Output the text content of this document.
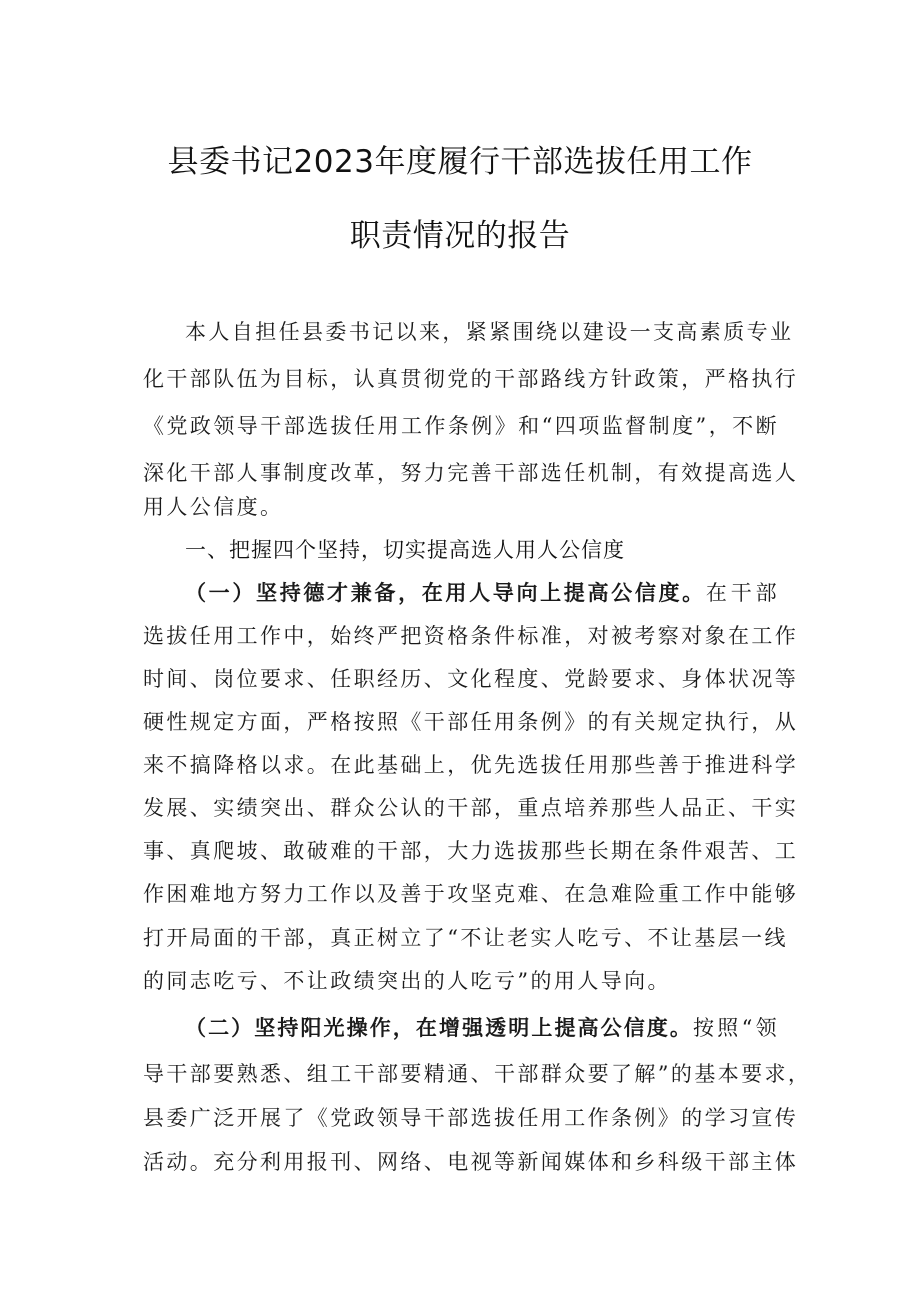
县委书记2023年度履行干部选拔任用工作
职责情况的报告
本人自担任县委书记以来，紧紧围绕以建设一支高素质专业
化干部队伍为目标，认真贯彻党的干部路线方针政策，严格执行
《党政领导干部选拔任用工作条例》和“四项监督制度”，不断
深化干部人事制度改革，努力完善干部选任机制，有效提高选人
用人公信度。
一、把握四个坚持，切实提高选人用人公信度
（一）坚持德才兼备，在用人导向上提高公信度。在干部
选拔任用工作中，始终严把资格条件标准，对被考察对象在工作
时间、岗位要求、任职经历、文化程度、党龄要求、身体状况等
硬性规定方面，严格按照《干部任用条例》的有关规定执行，从
来不搞降格以求。在此基础上，优先选拔任用那些善于推进科学
发展、实绩突出、群众公认的干部，重点培养那些人品正、干实
事、真爬坡、敢破难的干部，大力选拔那些长期在条件艰苦、工
作困难地方努力工作以及善于攻坚克难、在急难险重工作中能够
打开局面的干部，真正树立了“不让老实人吃亏、不让基层一线
的同志吃亏、不让政绩突出的人吃亏”的用人导向。
（二）坚持阳光操作，在增强透明上提高公信度。按照“领
导干部要熟悉、组工干部要精通、干部群众要了解”的基本要求，
县委广泛开展了《党政领导干部选拔任用工作条例》的学习宣传
活动。充分利用报刊、网络、电视等新闻媒体和乡科级干部主体
